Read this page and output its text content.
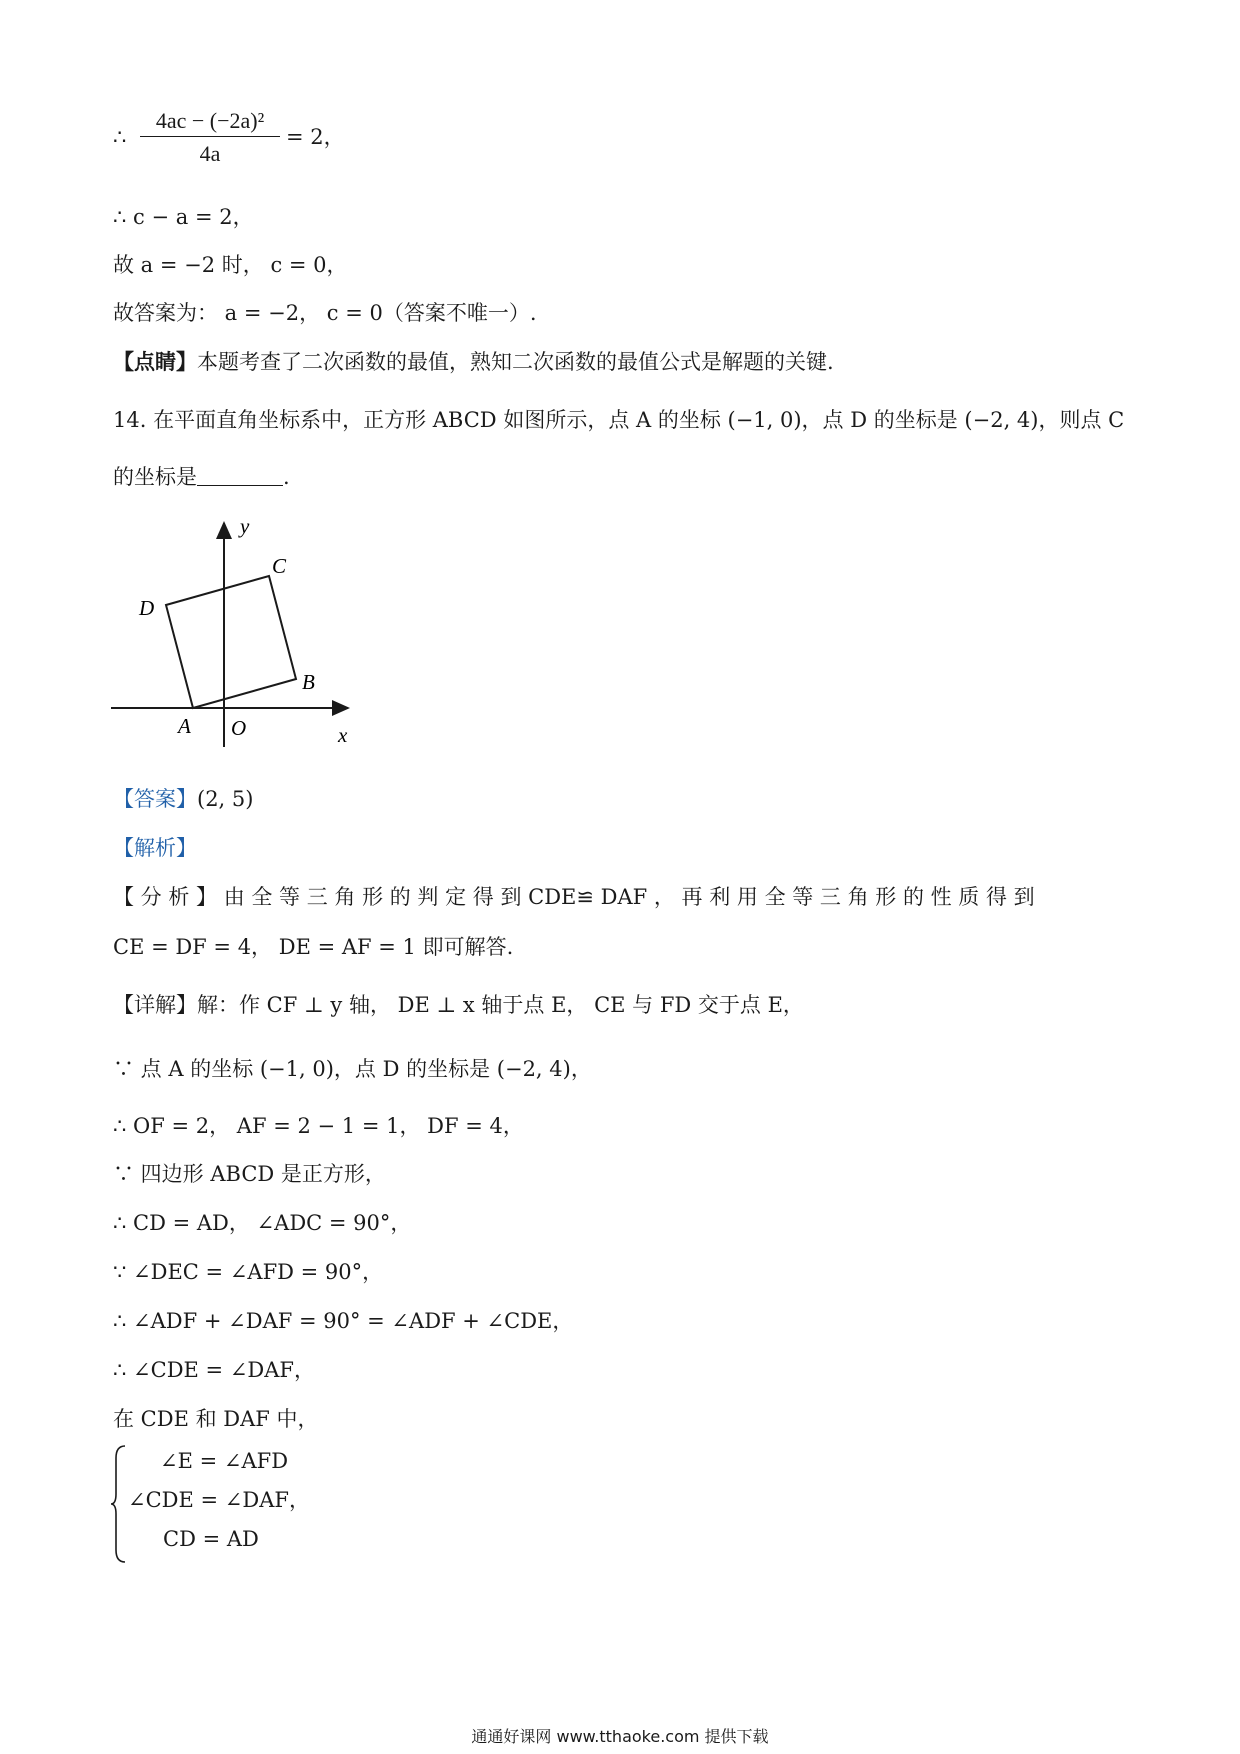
∴ $\frac{\text{4ac − (−2a)²}}{4a} = 2$，
∴ c − a = 2，
故 a = −2 时， c = 0，
故答案为： a = −2， c = 0（答案不唯一）.
【点睛】本题考查了二次函数的最值，熟知二次函数的最值公式是解题的关键.
14. 在平面直角坐标系中，正方形 ABCD 如图所示，点 A 的坐标 (−1, 0)，点 D 的坐标是 (−2, 4)，则点 C
的坐标是	.
y
x
O
A
B
C
D
【答案】(2, 5)
【解析】
【 分 析 】 由 全 等 三 角 形 的 判 定 得 到 CDE≌ DAF ， 再 利 用 全 等 三 角 形 的 性 质 得 到
CE = DF = 4， DE = AF = 1 即可解答.
【详解】解：作 CF ⊥ y 轴， DE ⊥ x 轴于点 E， CE 与 FD 交于点 E，
∵ 点 A 的坐标 (−1, 0)，点 D 的坐标是 (−2, 4)，
∴ OF = 2， AF = 2 − 1 = 1， DF = 4，
∵ 四边形 ABCD 是正方形，
∴ CD = AD， ∠ADC = 90°，
∵ ∠DEC = ∠AFD = 90°，
∴ ∠ADF + ∠DAF = 90° = ∠ADF + ∠CDE，
∴ ∠CDE = ∠DAF，
在 CDE 和 DAF 中，
∠E = ∠AFD
∠CDE = ∠DAF，
CD = AD
通通好课网 www.tthaoke.com 提供下载
